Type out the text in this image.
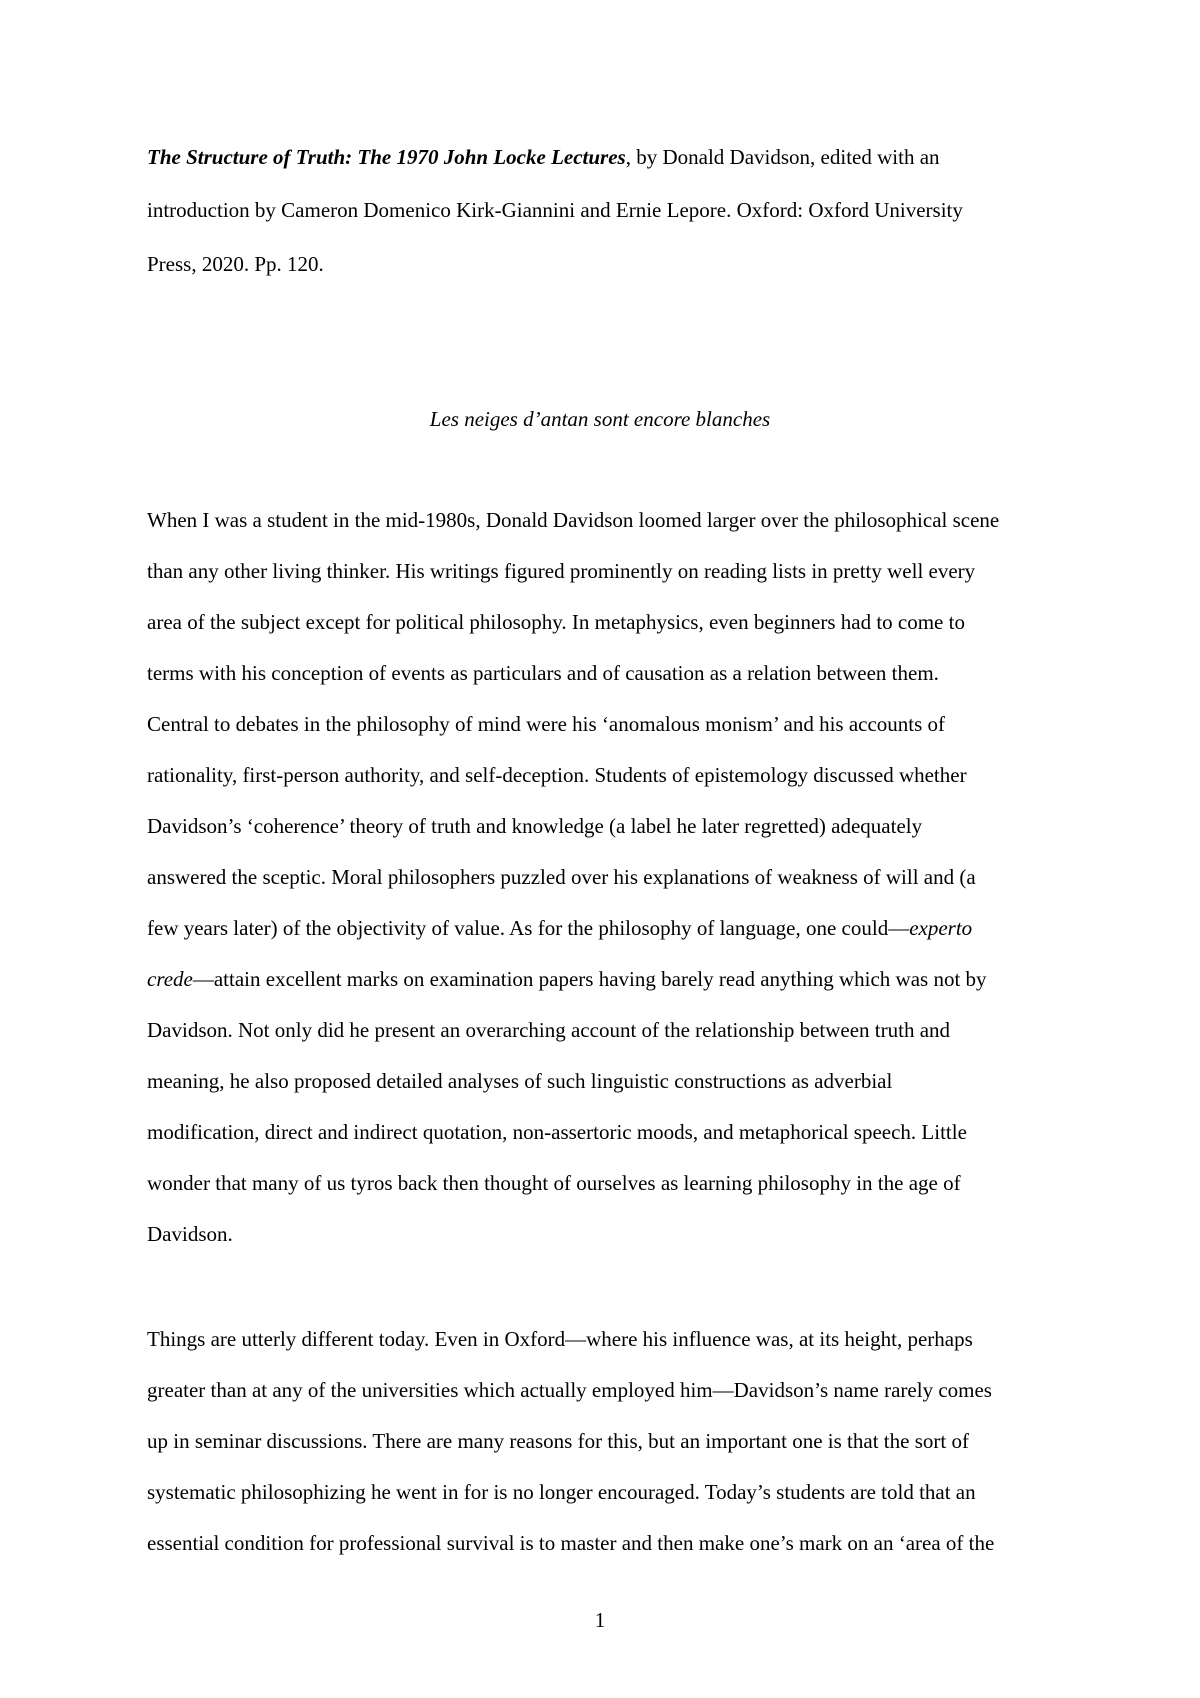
The Structure of Truth: The 1970 John Locke Lectures, by Donald Davidson, edited with an
introduction by Cameron Domenico Kirk-Giannini and Ernie Lepore. Oxford: Oxford University
Press, 2020. Pp. 120.
Les neiges d’antan sont encore blanches
When I was a student in the mid-1980s, Donald Davidson loomed larger over the philosophical scene
than any other living thinker. His writings figured prominently on reading lists in pretty well every
area of the subject except for political philosophy. In metaphysics, even beginners had to come to
terms with his conception of events as particulars and of causation as a relation between them.
Central to debates in the philosophy of mind were his ‘anomalous monism’ and his accounts of
rationality, first-person authority, and self-deception. Students of epistemology discussed whether
Davidson’s ‘coherence’ theory of truth and knowledge (a label he later regretted) adequately
answered the sceptic. Moral philosophers puzzled over his explanations of weakness of will and (a
few years later) of the objectivity of value. As for the philosophy of language, one could—experto
crede—attain excellent marks on examination papers having barely read anything which was not by
Davidson. Not only did he present an overarching account of the relationship between truth and
meaning, he also proposed detailed analyses of such linguistic constructions as adverbial
modification, direct and indirect quotation, non-assertoric moods, and metaphorical speech. Little
wonder that many of us tyros back then thought of ourselves as learning philosophy in the age of
Davidson.
Things are utterly different today. Even in Oxford—where his influence was, at its height, perhaps
greater than at any of the universities which actually employed him—Davidson’s name rarely comes
up in seminar discussions. There are many reasons for this, but an important one is that the sort of
systematic philosophizing he went in for is no longer encouraged. Today’s students are told that an
essential condition for professional survival is to master and then make one’s mark on an ‘area of the
1
